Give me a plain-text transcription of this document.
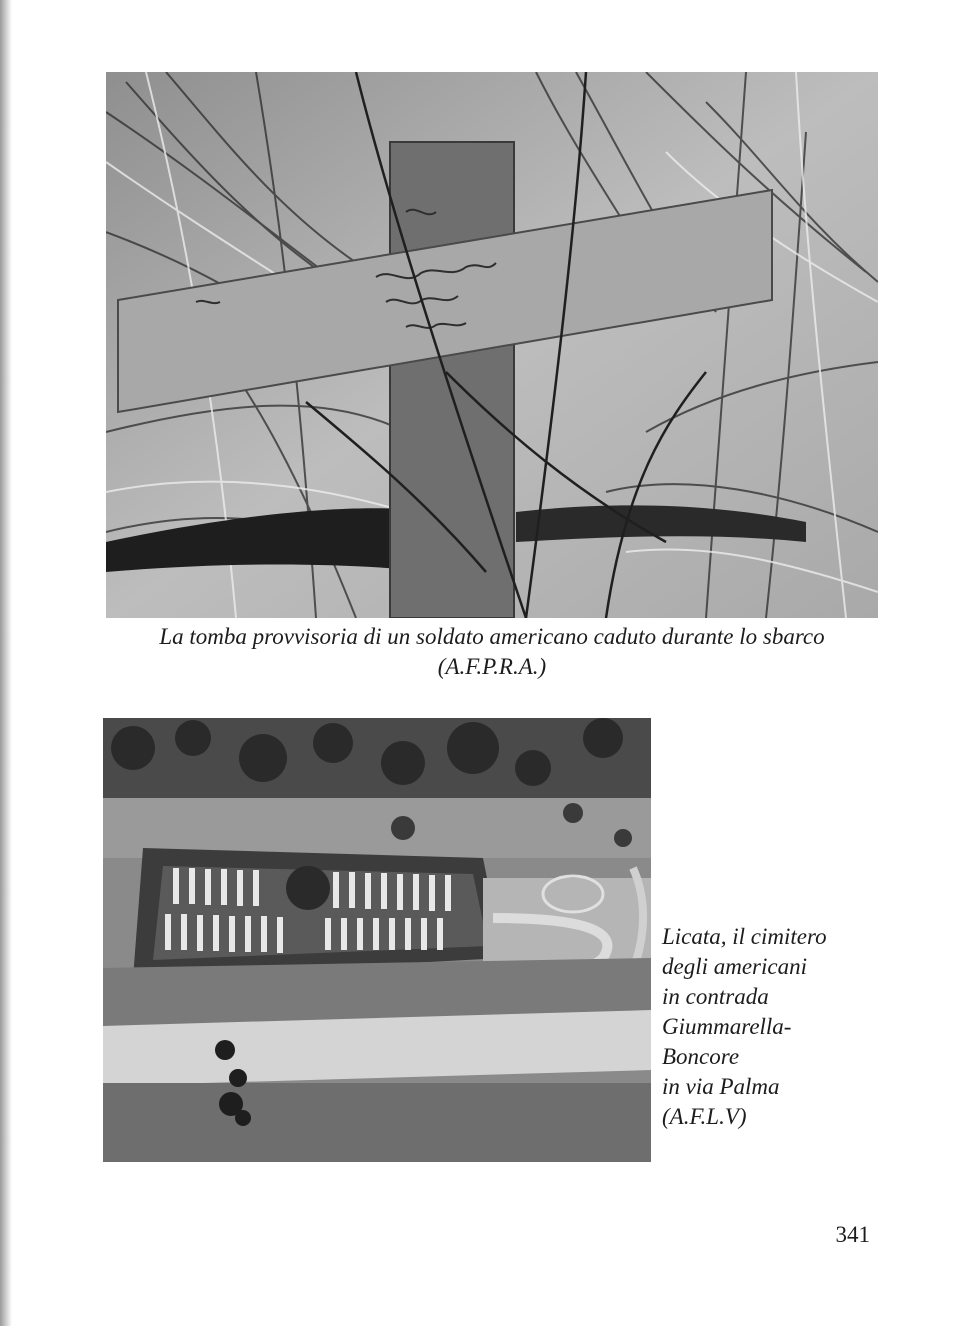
La tomba provvisoria di un soldato americano caduto durante lo sbarco
(A.F.P.R.A.)
Licata, il cimitero
degli americani
in contrada
Giummarella-
Boncore
in via Palma
(A.F.L.V)
341
